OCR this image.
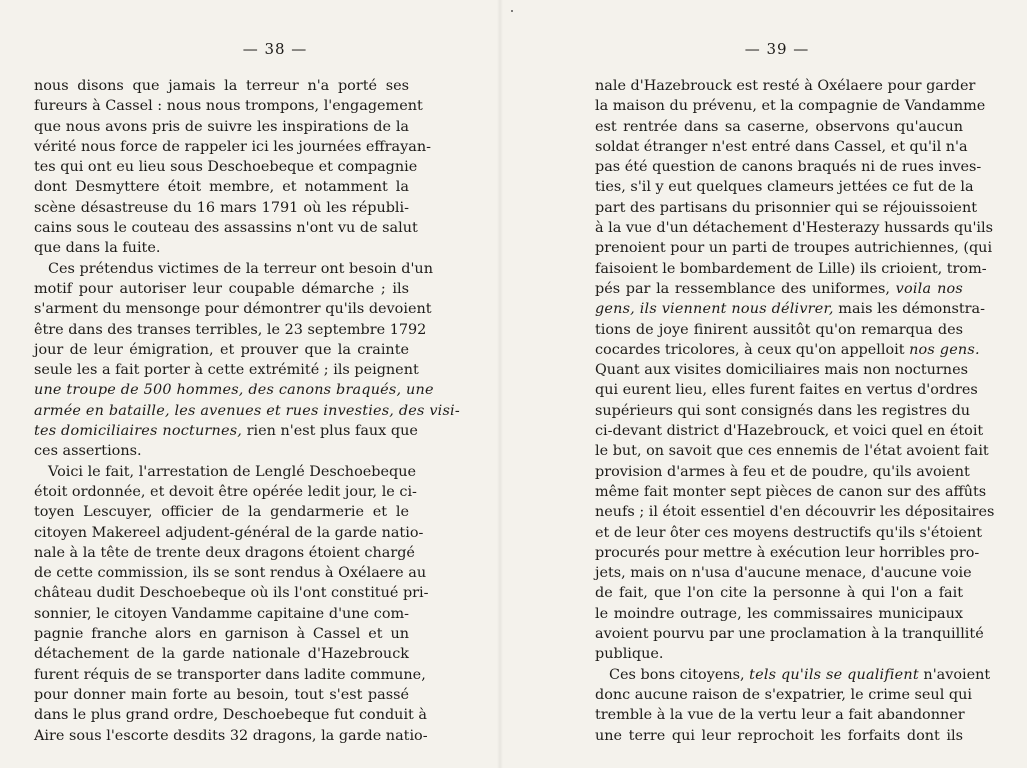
— 38 —
nous disons que jamais la terreur n'a porté ses
fureurs à Cassel : nous nous trompons, l'engagement
que nous avons pris de suivre les inspirations de la
vérité nous force de rappeler ici les journées effrayan-
tes qui ont eu lieu sous Deschoebeque et compagnie
dont Desmyttere étoit membre, et notamment la
scène désastreuse du 16 mars 1791 où les républi-
cains sous le couteau des assassins n'ont vu de salut
que dans la fuite.
Ces prétendus victimes de la terreur ont besoin d'un
motif pour autoriser leur coupable démarche ; ils
s'arment du mensonge pour démontrer qu'ils devoient
être dans des transes terribles, le 23 septembre 1792
jour de leur émigration, et prouver que la crainte
seule les a fait porter à cette extrémité ; ils peignent
une troupe de 500 hommes, des canons braqués, une
armée en bataille, les avenues et rues investies, des visi-
tes domiciliaires nocturnes, rien n'est plus faux que
ces assertions.
Voici le fait, l'arrestation de Lenglé Deschoebeque
étoit ordonnée, et devoit être opérée ledit jour, le ci-
toyen Lescuyer, officier de la gendarmerie et le
citoyen Makereel adjudent-général de la garde natio-
nale à la tête de trente deux dragons étoient chargé
de cette commission, ils se sont rendus à Oxélaere au
château dudit Deschoebeque où ils l'ont constitué pri-
sonnier, le citoyen Vandamme capitaine d'une com-
pagnie franche alors en garnison à Cassel et un
détachement de la garde nationale d'Hazebrouck
furent réquis de se transporter dans ladite commune,
pour donner main forte au besoin, tout s'est passé
dans le plus grand ordre, Deschoebeque fut conduit à
Aire sous l'escorte desdits 32 dragons, la garde natio-
— 39 —
nale d'Hazebrouck est resté à Oxélaere pour garder
la maison du prévenu, et la compagnie de Vandamme
est rentrée dans sa caserne, observons qu'aucun
soldat étranger n'est entré dans Cassel, et qu'il n'a
pas été question de canons braqués ni de rues inves-
ties, s'il y eut quelques clameurs jettées ce fut de la
part des partisans du prisonnier qui se réjouissoient
à la vue d'un détachement d'Hesterazy hussards qu'ils
prenoient pour un parti de troupes autrichiennes, (qui
faisoient le bombardement de Lille) ils crioient, trom-
pés par la ressemblance des uniformes, voila nos
gens, ils viennent nous délivrer, mais les démonstra-
tions de joye finirent aussitôt qu'on remarqua des
cocardes tricolores, à ceux qu'on appelloit nos gens.
Quant aux visites domiciliaires mais non nocturnes
qui eurent lieu, elles furent faites en vertus d'ordres
supérieurs qui sont consignés dans les registres du
ci-devant district d'Hazebrouck, et voici quel en étoit
le but, on savoit que ces ennemis de l'état avoient fait
provision d'armes à feu et de poudre, qu'ils avoient
même fait monter sept pièces de canon sur des affûts
neufs ; il étoit essentiel d'en découvrir les dépositaires
et de leur ôter ces moyens destructifs qu'ils s'étoient
procurés pour mettre à exécution leur horribles pro-
jets, mais on n'usa d'aucune menace, d'aucune voie
de fait, que l'on cite la personne à qui l'on a fait
le moindre outrage, les commissaires municipaux
avoient pourvu par une proclamation à la tranquillité
publique.
Ces bons citoyens, tels qu'ils se qualifient n'avoient
donc aucune raison de s'expatrier, le crime seul qui
tremble à la vue de la vertu leur a fait abandonner
une terre qui leur reprochoit les forfaits dont ils
